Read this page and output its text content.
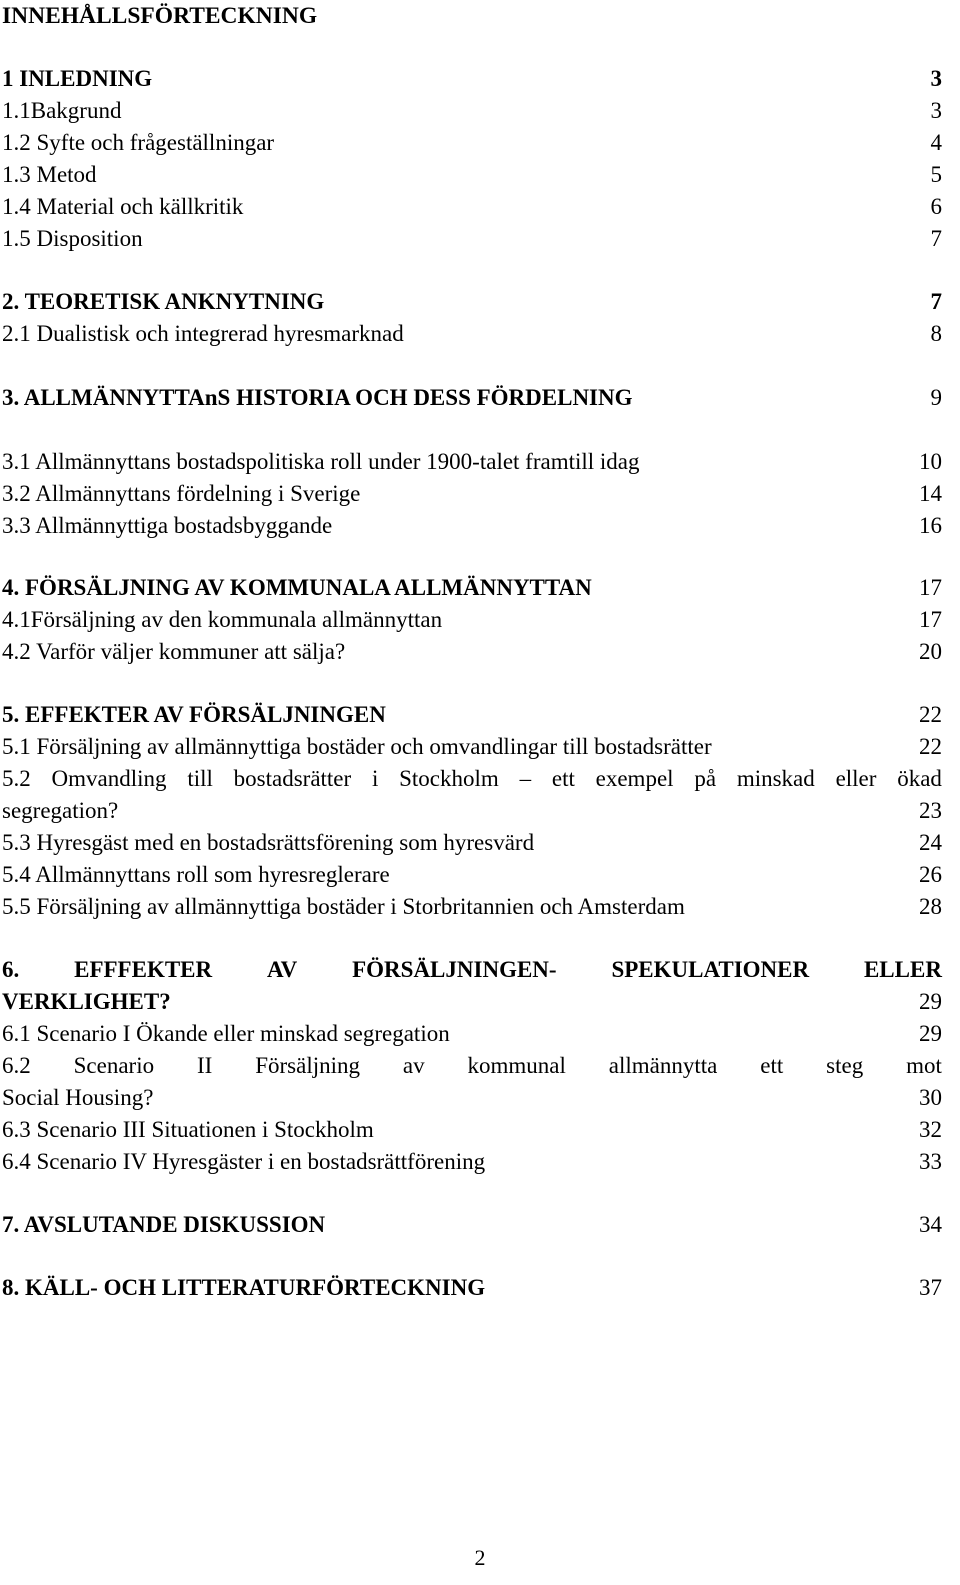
INNEHÅLLSFÖRTECKNING
1 INLEDNING	3
1.1Bakgrund	3
1.2 Syfte och frågeställningar	4
1.3 Metod	5
1.4 Material och källkritik	6
1.5 Disposition	7
2. TEORETISK ANKNYTNING	7
2.1 Dualistisk och integrerad hyresmarknad	8
3. ALLMÄNNYTTAnS HISTORIA OCH DESS FÖRDELNING	9
3.1 Allmännyttans bostadspolitiska roll under 1900-talet framtill idag	10
3.2 Allmännyttans fördelning i Sverige	14
3.3 Allmännyttiga bostadsbyggande	16
4. FÖRSÄLJNING AV KOMMUNALA ALLMÄNNYTTAN	17
4.1Försäljning av den kommunala allmännyttan	17
4.2 Varför väljer kommuner att sälja?	20
5. EFFEKTER AV FÖRSÄLJNINGEN	22
5.1 Försäljning av allmännyttiga bostäder och omvandlingar till bostadsrätter	22
5.2 Omvandling till bostadsrätter i Stockholm – ett exempel på minskad eller ökad
segregation?	23
5.3 Hyresgäst med en bostadsrättsförening som hyresvärd	24
5.4 Allmännyttans roll som hyresreglerare	26
5.5 Försäljning av allmännyttiga bostäder i Storbritannien och Amsterdam	28
6. EFFFEKTER AV FÖRSÄLJNINGEN- SPEKULATIONER ELLER
VERKLIGHET?	29
6.1 Scenario I Ökande eller minskad segregation	29
6.2 Scenario II Försäljning av kommunal allmännytta ett steg mot
Social Housing?	30
6.3 Scenario III Situationen i Stockholm	32
6.4 Scenario IV Hyresgäster i en bostadsrättförening	33
7. AVSLUTANDE DISKUSSION	34
8. KÄLL- OCH LITTERATURFÖRTECKNING	37
2
